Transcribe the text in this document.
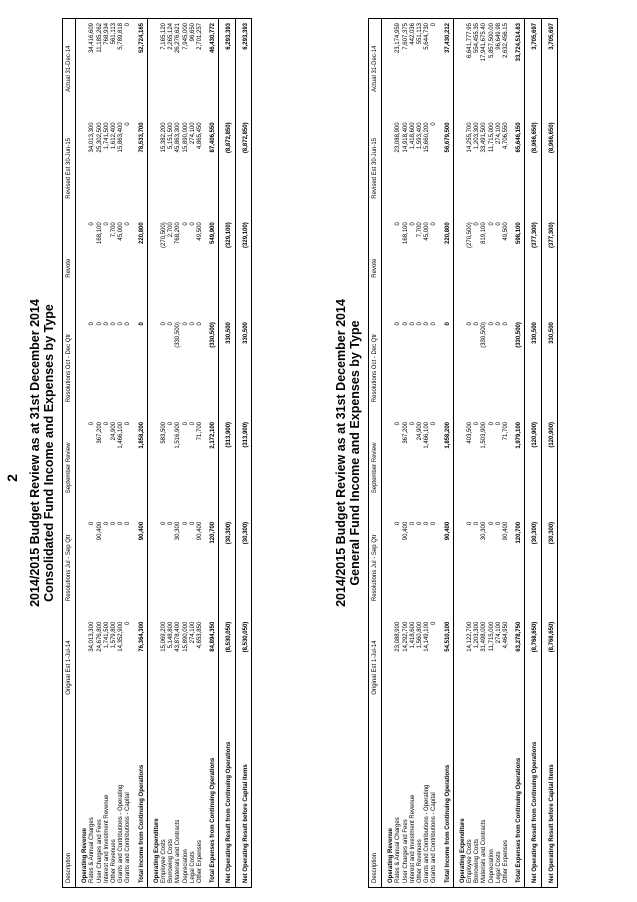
2014/2015 Budget Review as at 31st December 2014 Consolidated Fund Income and Expenses by Type
Description	Original Est 1-Jul-14	Resolutions Jul - Sep Qtr	September Review	Resolutions Oct - Dec Qtr	Revote	Revised Est 30-Jun-15	Actual 31-Dec-14
Operating Revenue							
Rates & Annual Charges	34,013,300	0	0	0	0	34,013,300	34,416,609
User Charges and Fees	24,676,800	90,400	367,200	0	168,100	25,302,500	11,185,262
Interest and Investment Revenue	1,741,500	0	0	0	0	1,741,500	768,934
Other Revenues	1,579,800	0	24,900	0	7,700	1,612,400	561,113
Grants and Contributions - Operating	14,352,900	0	1,466,100	0	45,000	15,863,400	5,789,818
Grants and Contributions - Capital	0	0	0	0	0	0	0
Total Income from Continuing Operations	76,364,300	90,400	1,858,200	0	220,800	78,533,700	52,724,165
Operating Expenditure							
Employee Costs	15,069,200	0	583,500	0	(270,500)	15,382,200	7,165,120
Borrowing Costs	5,148,800	0	0	0	2,700	5,151,500	2,265,124
Materials and Contracts	43,878,400	30,300	1,516,900	(330,500)	768,200	45,863,300	26,276,621
Depreciation	15,890,000	0	0	0	0	15,890,000	7,945,000
Legal Costs	274,100	0	0	0	0	274,100	96,650
Other Expenses	4,653,850	90,400	71,700	0	49,500	4,865,450	2,701,257
Total Expenses from Continuing Operations	84,894,350	120,700	2,172,100	(330,500)	549,900	87,406,550	46,430,772

Net Operating Result from Continuing Operations	(8,530,050)	(30,300)	(313,900)	330,500	(329,100)	(8,872,850)	6,293,393

Net Operating Result before Capital Items	(8,530,050)	(30,300)	(313,900)	330,500	(329,100)	(8,872,850)	6,293,393
2014/2015 Budget Review as at 31st December 2014 General Fund Income and Expenses by Type
Description	Original Est 1-Jul-14	Resolutions Jul - Sep Qtr	September Review	Resolutions Oct - Dec Qtr	Revote	Revised Est 30-Jun-15	Actual 31-Dec-14
Operating Revenue							
Rates & Annual Charges	23,088,900	0	0	0	0	23,088,900	23,174,959
User Charges and Fees	14,292,700	90,400	367,200	0	168,100	14,918,400	7,607,375
Interest and Investment Revenue	1,418,600	0	0	0	0	1,418,600	442,036
Other Revenues	1,560,800	0	24,900	0	7,700	1,593,400	551,113
Grants and Contributions - Operating	14,149,100	0	1,466,100	0	45,000	15,660,200	5,644,730
Grants and Contributions - Capital	0	0	0	0	0	0	0
Total Income from Continuing Operations	54,510,100	90,400	1,858,200	0	220,800	56,679,500	37,430,212
Operating Expenditure							
Employee Costs	14,122,700	0	403,500	0	(270,500)	14,255,700	6,641,777.95
Borrowing Costs	1,203,300	0	0	0	0	1,203,300	554,455.35
Materials and Contracts	31,498,000	30,300	1,503,900	(330,500)	819,100	33,491,500	17,941,675.40
Depreciation	11,715,000	0	0	0	0	11,715,000	5,857,500.00
Legal Costs	274,100	0	0	0	0	274,100	96,649.98
Other Expenses	4,464,950	90,400	71,700	0	49,500	4,706,550	2,632,456.15
Total Expenses from Continuing Operations	63,278,750	120,700	1,979,100	(330,500)	598,100	65,646,150	33,724,514.83

Net Operating Result from Continuing Operations	(8,768,650)	(30,300)	(120,900)	330,500	(377,300)	(8,966,650)	3,705,697

Net Operating Result before Capital Items	(8,768,650)	(30,300)	(120,900)	330,500	(377,300)	(8,966,650)	3,705,697
2
